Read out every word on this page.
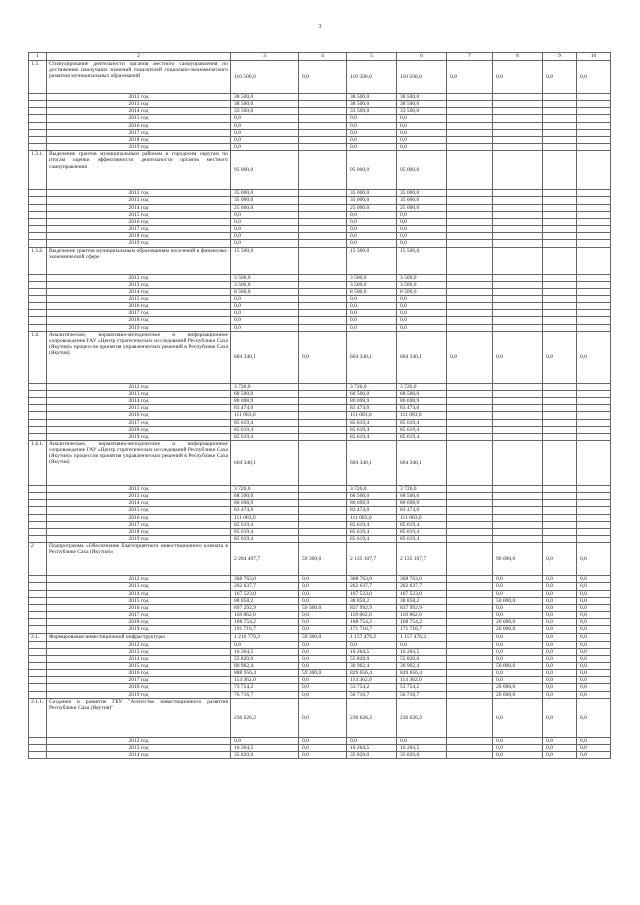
3
1	2	3	4	5	6	7	8	9	10
1.3.	Стимулирование деятельности органов местного самоуправления по достижению наилучших значений показателей социально-экономического развития муниципальных образований	110 500,0	0,0	110 500,0	110 500,0	0,0	0,0	0,0	0,0
	2012 год	38 500,0		38 500,0	38 500,0				
	2013 год	38 500,0		38 500,0	38 500,0				
	2014 год	33 500,0		33 500,0	33 500,0				
	2015 год	0,0		0,0	0,0				
	2016 год	0,0		0,0	0,0				
	2017 год	0,0		0,0	0,0				
	2018 год	0,0		0,0	0,0				
	2019 год	0,0		0,0	0,0				
1.3.1.	Выделение грантов муниципальным районам и городским округам по итогам оценки эффективности деятельности органов местного самоуправления	95 000,0		95 000,0	95 000,0				
	2012 год	35 000,0		35 000,0	35 000,0				
	2013 год	35 000,0		35 000,0	35 000,0				
	2014 год	25 000,0		25 000,0	25 000,0				
	2015 год	0,0		0,0	0,0				
	2016 год	0,0		0,0	0,0				
	2017 год	0,0		0,0	0,0				
	2018 год	0,0		0,0	0,0				
	2019 год	0,0		0,0	0,0				
1.3.2.	Выделение грантов муниципальным образованиям поселений в финансово-экономической сфере	15 500,0		15 500,0	15 500,0				
	2012 год	3 500,0		3 500,0	3 500,0				
	2013 год	3 500,0		3 500,0	3 500,0				
	2014 год	8 500,0		8 500,0	8 500,0				
	2015 год	0,0		0,0	0,0				
	2016 год	0,0		0,0	0,0				
	2017 год	0,0		0,0	0,0				
	2018 год	0,0		0,0	0,0				
	2019 год	0,0		0,0	0,0				
1.4.	Аналитическое, нормативно-методическое и информационное сопровождение ГАУ «Центр стратегических исследований Республики Саха (Якутия)» процессов принятия управленческих решений в Республике Саха (Якутия)	604 340,1	0,0	604 340,1	604 340,1	0,0	0,0	0,0	0,0
	2012 год	3 726,0		3 726,0	3 726,0				
	2013 год	68 500,0		68 500,0	68 500,0				
	2014 год	80 698,9		80 698,9	80 698,9				
	2015 год	83 474,0		83 474,0	83 474,0				
	2016 год	111 083,0		111 083,0	111 083,0				
	2017 год	85 619,4		85 619,4	85 619,4				
	2018 год	85 619,4		85 619,4	85 619,4				
	2019 год	85 619,4		85 619,4	85 619,4				
1.4.1.	Аналитическое, нормативно-методическое и информационное сопровождение ГАУ «Центр стратегических исследований Республики Саха (Якутия)» процессов принятия управленческих решений в Республике Саха (Якутия)	604 340,1		604 340,1	604 340,1				
	2012 год	3 726,0		3 726,0	3 726,0				
	2013 год	68 500,0		68 500,0	68 500,0				
	2014 год	80 698,9		80 698,9	80 698,9				
	2015 год	83 474,0		83 474,0	83 474,0				
	2016 год	111 083,0		111 083,0	111 083,0				
	2017 год	85 619,4		85 619,4	85 619,4				
	2018 год	85 619,4		85 619,4	85 619,4				
	2019 год	85 619,4		85 619,4	85 619,4				
2	Подпрограмма «Обеспечение благоприятного инвестиционного климата в Республике Саха (Якутия)»	2 284 407,7	59 300,0	2 135 107,7	2 135 107,7		90 000,0	0,0	0,0
	2012 год	368 763,0	0,0	368 763,0	368 763,0		0,0	0,0	0,0
	2013 год	262 637,7	0,0	262 637,7	262 637,7		0,0	0,0	0,0
	2014 год	167 523,0	0,0	167 523,0	167 523,0		0,0	0,0	0,0
	2015 год	88 858,2	0,0	38 858,2	38 858,2		50 000,0	0,0	0,0
	2016 год	897 292,9	59 300,0	837 992,9	837 992,9		0,0	0,0	0,0
	2017 год	118 862,0	0,0	118 862,0	118 862,0		0,0	0,0	0,0
	2018 год	188 754,2	0,0	168 754,2	168 754,2		20 000,0	0,0	0,0
	2019 год	191 716,7	0,0	171 716,7	171 716,7		20 000,0	0,0	0,0
2.1.	Формирование инвестиционной инфраструктуры	1 216 776,2	59 300,0	1 157 476,2	1 157 476,2		0,0	0,0	0,0
	2012 год	0,0	0,0	0,0	0,0		0,0	0,0	0,0
	2013 год	16 264,5	0,0	16 264,5	16 264,5		0,0	0,0	0,0
	2014 год	55 820,0	0,0	55 820,0	55 820,0		0,0	0,0	0,0
	2015 год	80 902,4	0,0	30 902,4	30 902,4		50 000,0	0,0	0,0
	2016 год	888 956,4	59 300,0	829 656,4	829 656,4		0,0	0,0	0,0
	2017 год	114 362,0	0,0	114 362,0	114 362,0		0,0	0,0	0,0
	2018 год	73 754,2	0,0	53 754,2	53 754,2		20 000,0	0,0	0,0
	2019 год	76 716,7	0,0	56 716,7	56 716,7		20 000,0	0,0	0,0
2.1.1.	Создание и развитие ГБУ "Агентство инвестиционного развития Республики Саха (Якутия)"	236 626,2	0,0	236 626,2	236 626,2		0,0	0,0	0,0
	2012 год	0,0	0,0	0,0	0,0		0,0	0,0	0,0
	2013 год	16 264,5	0,0	16 264,5	16 264,5		0,0	0,0	0,0
	2014 год	35 820,0	0,0	35 820,0	35 820,0		0,0	0,0	0,0
